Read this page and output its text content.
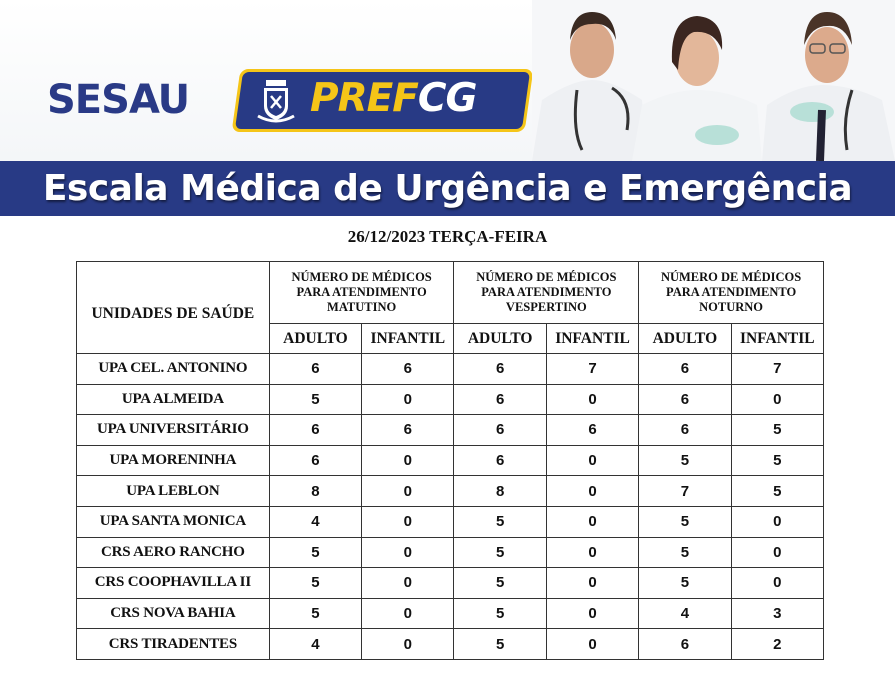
SESAU	PREFCG
Escala Médica de Urgência e Emergência
26/12/2023 TERÇA-FEIRA
UNIDADES DE SAÚDE	
NÚMERO DE MÉDICOS
PARA ATENDIMENTO
MATUTINO

NÚMERO DE MÉDICOS
PARA ATENDIMENTO
VESPERTINO

NÚMERO DE MÉDICOS
PARA ATENDIMENTO
NOTURNO

	ADULTO	INFANTIL	ADULTO	INFANTIL	ADULTO	INFANTIL
UPA CEL. ANTONINO	6	6	6	7	6	7
UPA ALMEIDA	5	0	6	0	6	0
UPA UNIVERSITÁRIO	6	6	6	6	6	5
UPA MORENINHA	6	0	6	0	5	5
UPA LEBLON	8	0	8	0	7	5
UPA SANTA MONICA	4	0	5	0	5	0
CRS AERO RANCHO	5	0	5	0	5	0
CRS COOPHAVILLA II	5	0	5	0	5	0
CRS NOVA BAHIA	5	0	5	0	4	3
CRS TIRADENTES	4	0	5	0	6	2
